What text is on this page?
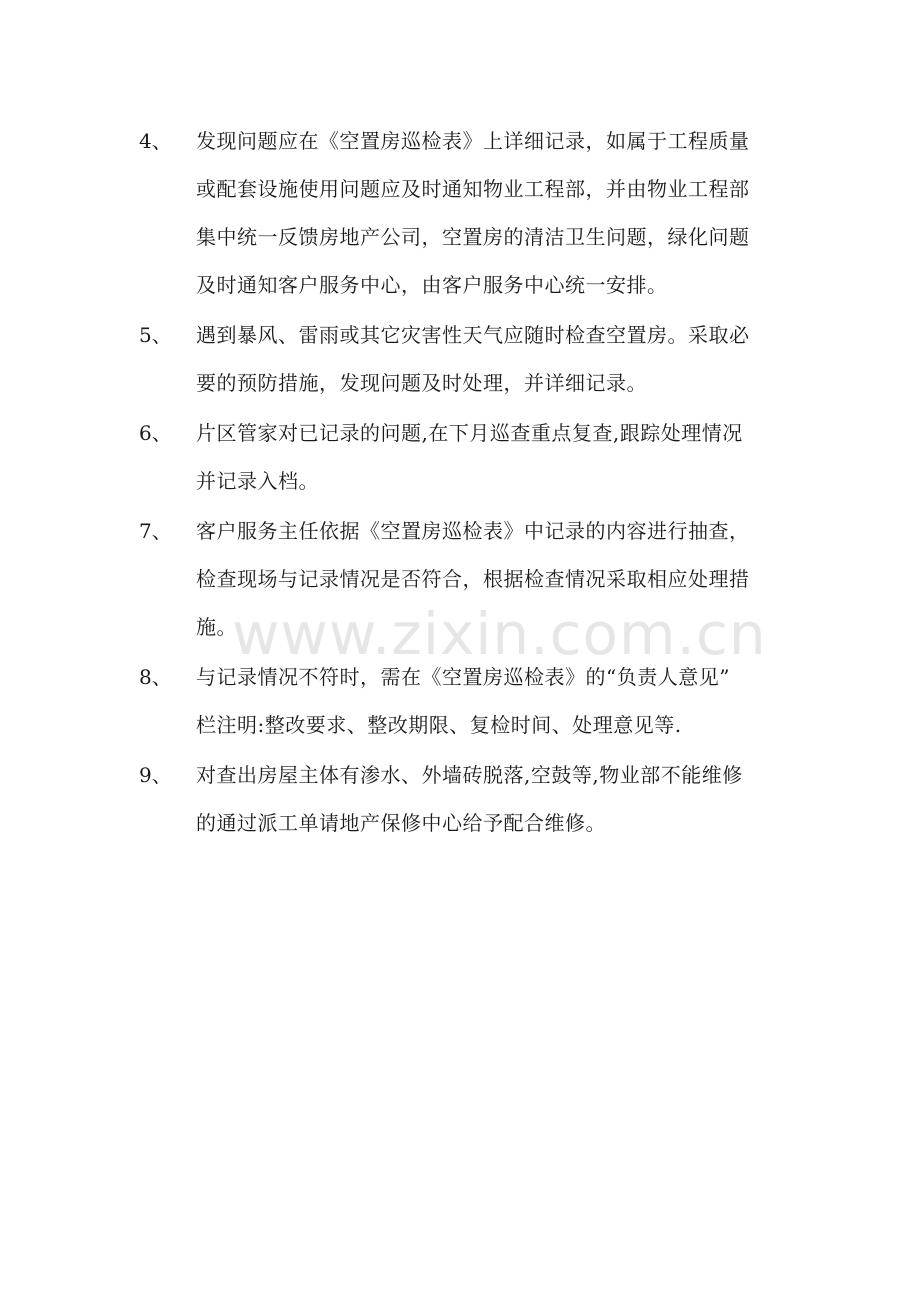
4、	发现问题应在《空置房巡检表》上详细记录，如属于工程质量
或配套设施使用问题应及时通知物业工程部，并由物业工程部
集中统一反馈房地产公司，空置房的清洁卫生问题，绿化问题
及时通知客户服务中心，由客户服务中心统一安排。

5、	遇到暴风、雷雨或其它灾害性天气应随时检查空置房。采取必
要的预防措施，发现问题及时处理，并详细记录。

6、	片区管家对已记录的问题,在下月巡查重点复查,跟踪处理情况
并记录入档。

7、	客户服务主任依据《空置房巡检表》中记录的内容进行抽查，
检查现场与记录情况是否符合，根据检查情况采取相应处理措
施。

8、	与记录情况不符时，需在《空置房巡检表》的“负责人意见”
栏注明:整改要求、整改期限、复检时间、处理意见等.

9、	对查出房屋主体有渗水、外墙砖脱落,空鼓等,物业部不能维修
的通过派工单请地产保修中心给予配合维修。

www.zixin.com.cn
